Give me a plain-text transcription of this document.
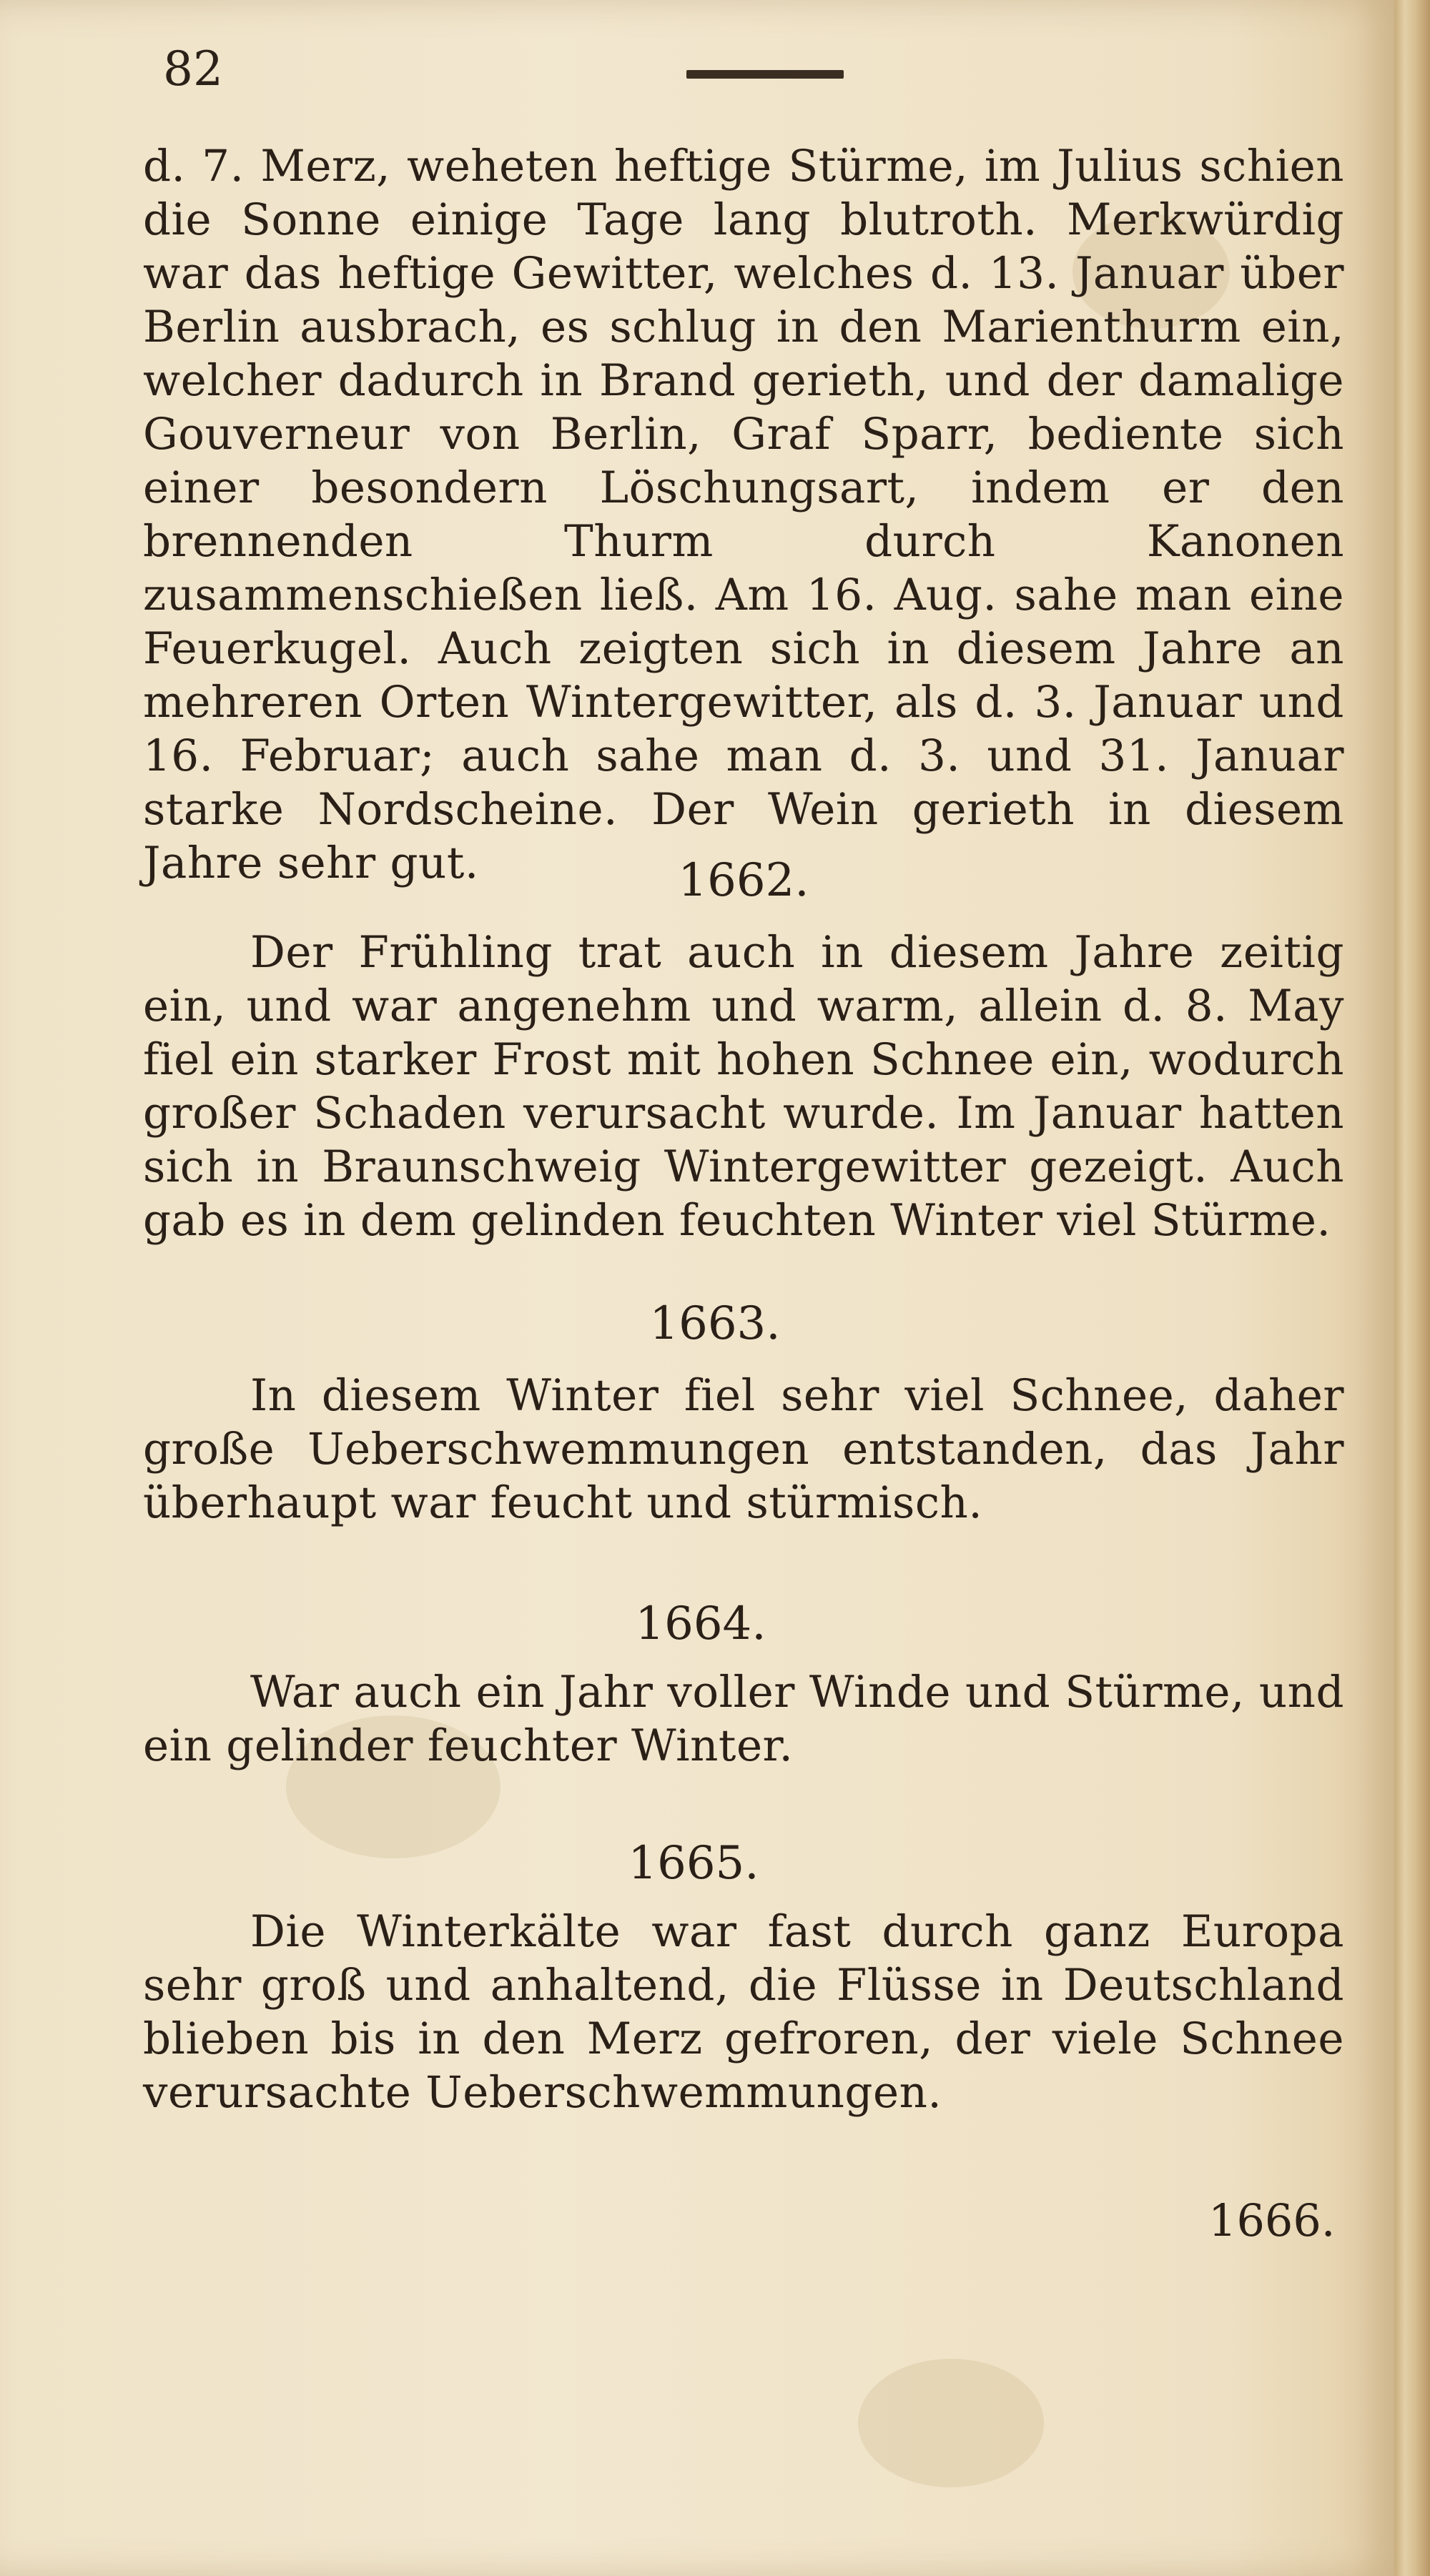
82
d. 7. Merz, weheten heftige Stürme, im Julius schien die Sonne einige Tage lang blutroth. Merkwürdig war das heftige Gewitter, welches d. 13. Januar über Berlin ausbrach, es schlug in den Marienthurm ein, welcher dadurch in Brand gerieth, und der damalige Gouverneur von Berlin, Graf Sparr, bediente sich einer besondern Löschungsart, indem er den brennenden Thurm durch Kanonen zusammenschießen ließ. Am 16. Aug. sahe man eine Feuerkugel. Auch zeigten sich in diesem Jahre an mehreren Orten Wintergewitter, als d. 3. Januar und 16. Februar; auch sahe man d. 3. und 31. Januar starke Nordscheine. Der Wein gerieth in diesem Jahre sehr gut.	1662.
Der Frühling trat auch in diesem Jahre zeitig ein, und war angenehm und warm, allein d. 8. May fiel ein starker Frost mit hohen Schnee ein, wodurch großer Schaden verursacht wurde. Im Januar hatten sich in Braunschweig Wintergewitter gezeigt. Auch gab es in dem gelinden feuchten Winter viel Stürme.
1663.
In diesem Winter fiel sehr viel Schnee, daher große Ueberschwemmungen entstanden, das Jahr überhaupt war feucht und stürmisch.
1664.
War auch ein Jahr voller Winde und Stürme, und ein gelinder feuchter Winter.
1665.
Die Winterkälte war fast durch ganz Europa sehr groß und anhaltend, die Flüsse in Deutschland blieben bis in den Merz gefroren, der viele Schnee verursachte Ueberschwemmungen.
1666.
